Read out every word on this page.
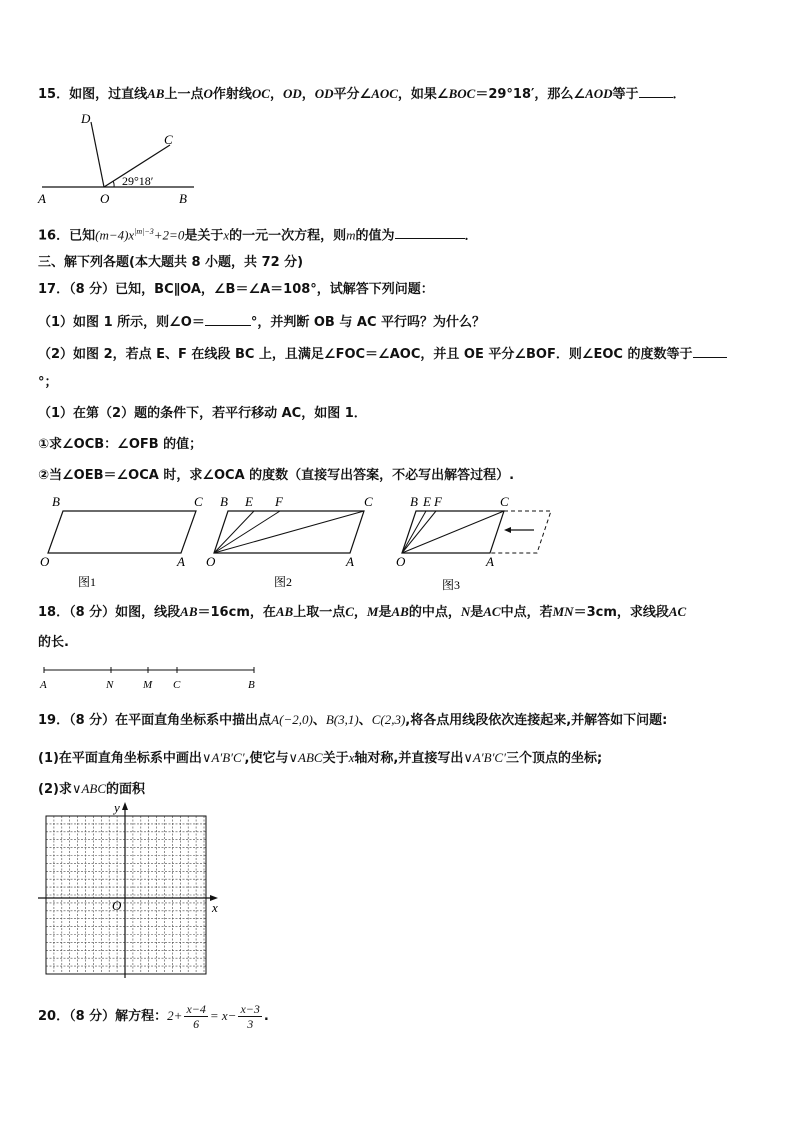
15．如图，过直线AB上一点O作射线OC，OD，OD平分∠AOC，如果∠BOC＝29°18′，那么∠AOD等于	．
D
C
A	O	B
29°18′
16．已知$(m-4)x^{|m|-3}+2=0$是关于x的一元一次方程，则m的值为	．
三、解下列各题(本大题共 8 小题，共 72 分)
17．（8 分）已知，BC∥OA，∠B＝∠A＝108°，试解答下列问题：
（1）如图 1 所示，则∠O＝	°，并判断 OB 与 AC 平行吗？为什么？
（2）如图 2，若点 E、F 在线段 BC 上，且满足∠FOC＝∠AOC，并且 OE 平分∠BOF．则∠EOC 的度数等于
°；
（1）在第（2）题的条件下，若平行移动 AC，如图 1．
①求∠OCB：∠OFB 的值；
②当∠OEB＝∠OCA 时，求∠OCA 的度数（直接写出答案，不必写出解答过程）.
B	C
O	A
图1
B E F	C
O	A
图2
B E F	C
O	A
图3
18．（8 分）如图，线段AB＝16cm，在AB上取一点C，M是AB的中点，N是AC中点，若MN＝3cm，求线段AC
的长.
A	N	M C	B
19．（8 分）在平面直角坐标系中描出点A(−2,0)、B(3,1)、C(2,3),将各点用线段依次连接起来,并解答如下问题:
(1)在平面直角坐标系中画出∨A′B′C′,使它与∨ABC关于x轴对称,并直接写出∨A′B′C′三个顶点的坐标;
(2)求∨ABC的面积
y
x
O
20．（8 分）解方程：$2+ \frac{x-4}{6} = x- \frac{x-3}{3}$ .
